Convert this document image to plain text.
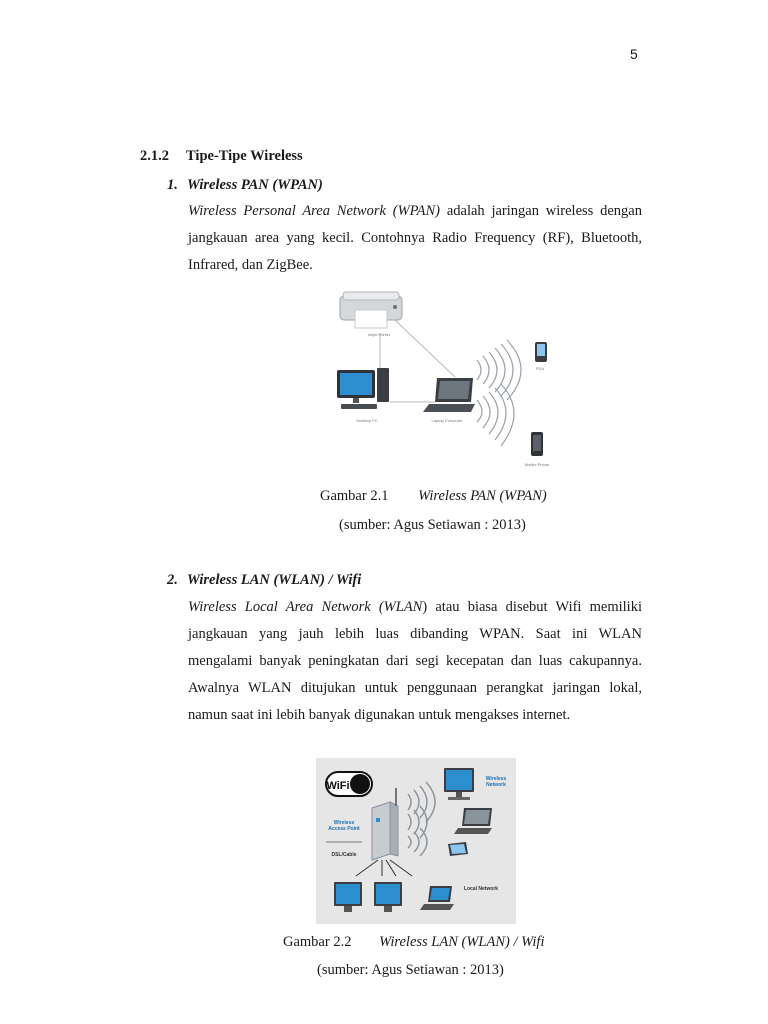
5
2.1.2 Tipe-Tipe Wireless
1. Wireless PAN (WPAN)
Wireless Personal Area Network (WPAN) adalah jaringan wireless dengan
jangkauan area yang kecil. Contohnya Radio Frequency (RF), Bluetooth,
Infrared, dan ZigBee.
Inkjet Printer
Desktop PC	Laptop Computer
PDA
Mobile Phone
Gambar 2.1 Wireless PAN (WPAN)
(sumber: Agus Setiawan : 2013)
2. Wireless LAN (WLAN) / Wifi
Wireless Local Area Network (WLAN) atau biasa disebut Wifi memiliki
jangkauan yang jauh lebih luas dibanding WPAN. Saat ini WLAN
mengalami banyak peningkatan dari segi kecepatan dan luas cakupannya.
Awalnya WLAN ditujukan untuk penggunaan perangkat jaringan lokal,
namun saat ini lebih banyak digunakan untuk mengakses internet.
WiFi
Wireless
Access Point
DSL/Cable
Wireless
Network
Local Network
Gambar 2.2 Wireless LAN (WLAN) / Wifi
(sumber: Agus Setiawan : 2013)
